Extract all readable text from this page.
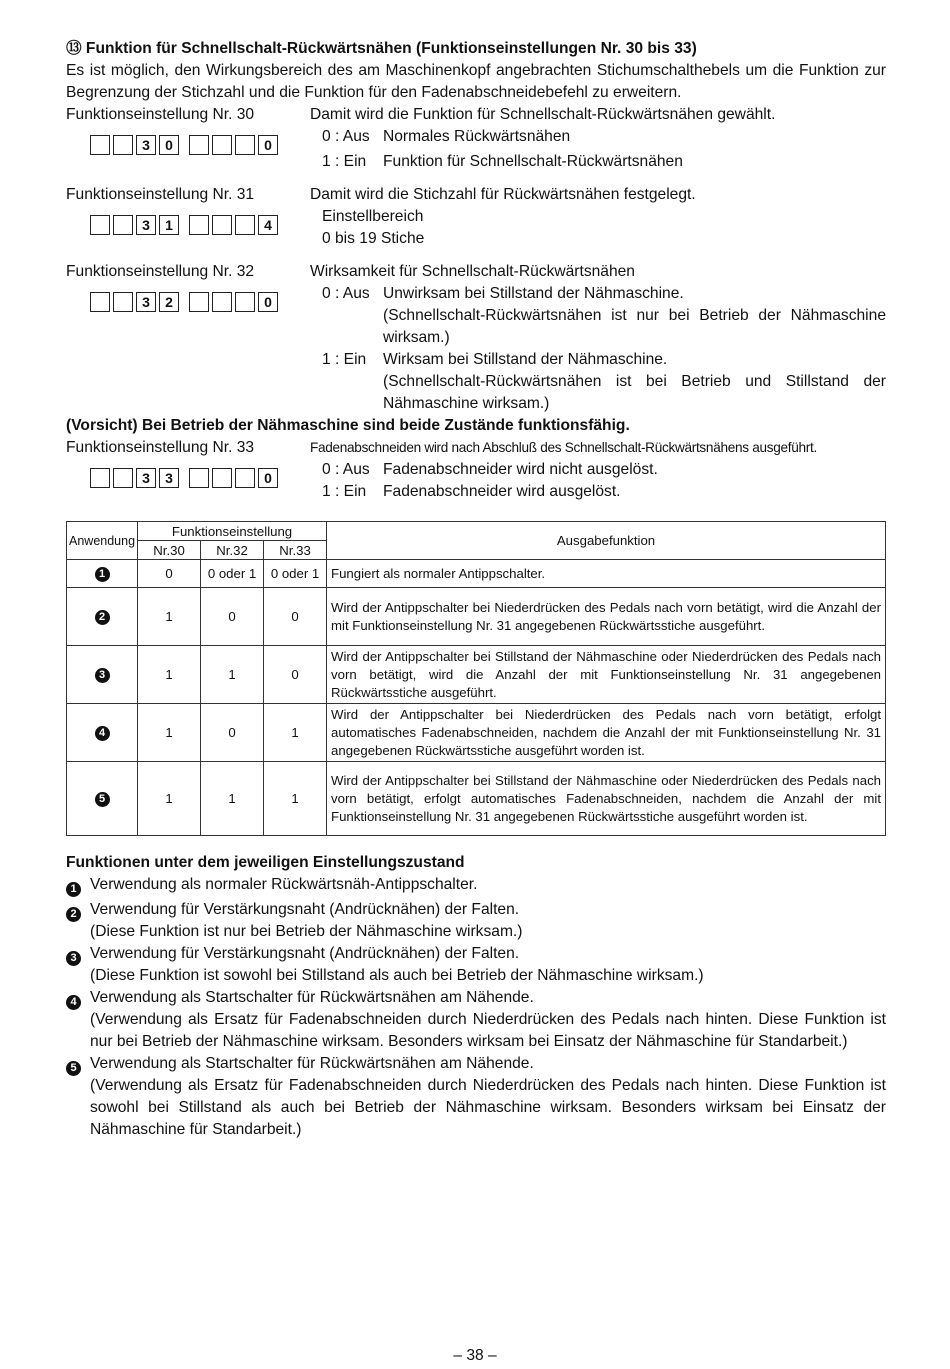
⑬ Funktion für Schnellschalt-Rückwärtsnähen (Funktionseinstellungen Nr. 30 bis 33)
Es ist möglich, den Wirkungsbereich des am Maschinenkopf angebrachten Stichumschalthebels um die Funktion zur Begrenzung der Stichzahl und die Funktion für den Fadenabschneidebefehl zu erweitern.
Funktionseinstellung Nr. 30
3	0	0
Damit wird die Funktion für Schnellschalt-Rückwärtsnähen gewählt.
0 : Aus Normales Rückwärtsnähen
1 : Ein	Funktion für Schnellschalt-Rückwärtsnähen
Funktionseinstellung Nr. 31
3	1	4
Damit wird die Stichzahl für Rückwärtsnähen festgelegt.
Einstellbereich
0 bis 19 Stiche
Funktionseinstellung Nr. 32
3	2	0
Wirksamkeit für Schnellschalt-Rückwärtsnähen
0 : Aus Unwirksam bei Stillstand der Nähmaschine.
(Schnellschalt-Rückwärtsnähen ist nur bei Betrieb der Nähmaschine wirksam.)
1 : Ein	Wirksam bei Stillstand der Nähmaschine.
(Schnellschalt-Rückwärtsnähen ist bei Betrieb und Stillstand der Nähmaschine wirksam.)
(Vorsicht) Bei Betrieb der Nähmaschine sind beide Zustände funktionsfähig.
Funktionseinstellung Nr. 33
3	3	0
Fadenabschneiden wird nach Abschluß des Schnellschalt-Rückwärtsnähens ausgeführt.
0 : Aus Fadenabschneider wird nicht ausgelöst.
1 : Ein	Fadenabschneider wird ausgelöst.
Anwendung	Funktionseinstellung			Ausgabefunktion
	Nr.30	Nr.32	Nr.33	
1	0	0 oder 1	0 oder 1	Fungiert als normaler Antippschalter.
2	1	0	0	Wird der Antippschalter bei Niederdrücken des Pedals nach vorn betätigt, wird die Anzahl der mit Funktionseinstellung Nr. 31 angegebenen Rückwärtsstiche ausgeführt.
3	1	1	0	Wird der Antippschalter bei Stillstand der Nähmaschine oder Niederdrücken des Pedals nach vorn betätigt, wird die Anzahl der mit Funktionseinstellung Nr. 31 angegebenen Rückwärtsstiche ausgeführt.
4	1	0	1	Wird der Antippschalter bei Niederdrücken des Pedals nach vorn betätigt, erfolgt automatisches Fadenabschneiden, nachdem die Anzahl der mit Funktionseinstellung Nr. 31 angegebenen Rückwärtsstiche ausgeführt worden ist.
5	1	1	1	Wird der Antippschalter bei Stillstand der Nähmaschine oder Niederdrücken des Pedals nach vorn betätigt, erfolgt automatisches Fadenabschneiden, nachdem die Anzahl der mit Funktionseinstellung Nr. 31 angegebenen Rückwärtsstiche ausgeführt worden ist.
Funktionen unter dem jeweiligen Einstellungszustand
1 Verwendung als normaler Rückwärtsnäh-Antippschalter.
2 Verwendung für Verstärkungsnaht (Andrücknähen) der Falten.
(Diese Funktion ist nur bei Betrieb der Nähmaschine wirksam.)
3 Verwendung für Verstärkungsnaht (Andrücknähen) der Falten.
(Diese Funktion ist sowohl bei Stillstand als auch bei Betrieb der Nähmaschine wirksam.)
4 Verwendung als Startschalter für Rückwärtsnähen am Nähende.
(Verwendung als Ersatz für Fadenabschneiden durch Niederdrücken des Pedals nach hinten. Diese Funktion ist nur bei Betrieb der Nähmaschine wirksam. Besonders wirksam bei Einsatz der Nähmaschine für Standarbeit.)
5 Verwendung als Startschalter für Rückwärtsnähen am Nähende.
(Verwendung als Ersatz für Fadenabschneiden durch Niederdrücken des Pedals nach hinten. Diese Funktion ist sowohl bei Stillstand als auch bei Betrieb der Nähmaschine wirksam. Besonders wirksam bei Einsatz der Nähmaschine für Standarbeit.)
– 38 –
